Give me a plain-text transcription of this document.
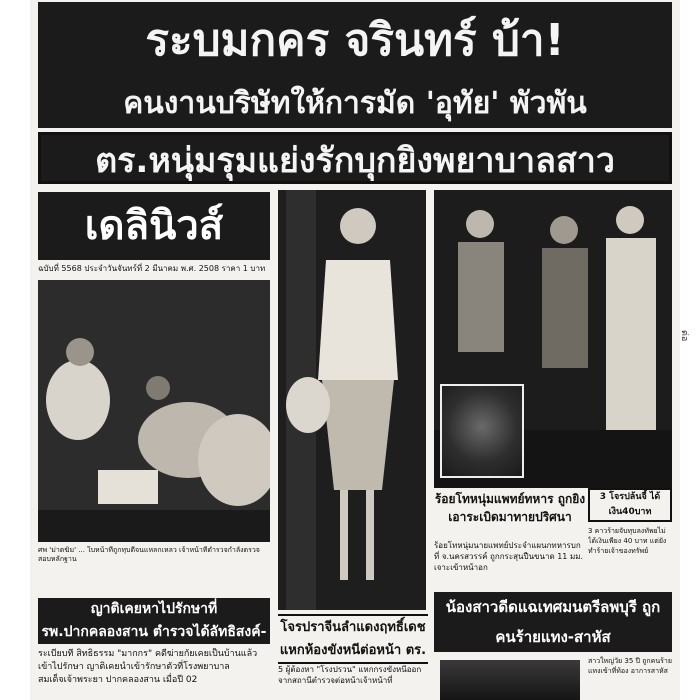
ระบมกคร จรินทร์ บ้า!
คนงานบริษัทให้การมัด 'อุทัย' พัวพัน
ตร.หนุ่มรุมแย่งรักบุกยิงพยาบาลสาว
เดลินิวส์
ฉบับที่ 5568 ประจำวันจันทร์ที่ 2 มีนาคม พ.ศ. 2508 ราคา 1 บาท
ศพ 'ม่าตฆิม' ... ใบหน้าที่ถูกทุบตีจนแหลกเหลว เจ้าหน้าที่ตำรวจกำลังตรวจสอบหลักฐาน
ญาติเคยหาไปรักษาที่รพ.ปากคลองสาน ตำรวจได้ลัทธิสงค์-
ระเบียบที่ สิทธิธรรม "มากกร" คดีฆ่ายกัยเคยเป็นบ้านแล้วเข้าไปรักษา ญาติเคยนำเข้ารักษาตัวที่โรงพยาบาลสมเด็จเจ้าพระยา ปากคลองสาน เมื่อปี 02
โจรปราจีนลำแดงฤทธิ์เดช แหกห้องขังหนีต่อหน้า ตร.
5 ผู้ต้องหา "โรงปรวน" แหกกรงขังหนีออกจากสถานีตำรวจต่อหน้าเจ้าหน้าที่
ร้อยโทหนุ่มแพทย์ทหาร ถูกยิงเอาระเบิดมาทายปริศนา
ร้อยโทหนุ่มนายแพทย์ประจำแผนกทหารบก ที่ จ.นครสวรรค์ ถูกกระสุนปืนขนาด 11 มม. เจาะเข้าหน้าอก
3 โจรปล้นจี้ ได้เงิน40บาท
3 คาวร้ายจับทุบลงทัพยไม่ได้เงินเพียง 40 บาท แต่ยังทำร้ายเจ้าของทรัพย์
น้องสาวดีดแฉเทศมนตรีลพบุรี ถูกคนร้ายแทง-สาหัส
สาวใหญ่วัย 35 ปี ถูกคนร้ายแทงเข้าที่ท้อง อาการสาหัส
ต่อ
